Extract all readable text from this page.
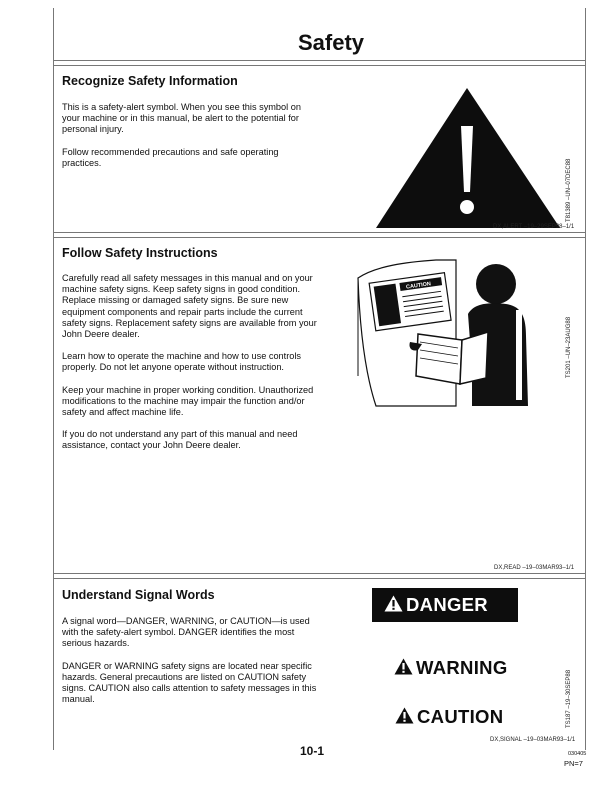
Safety
Recognize Safety Information

This is a safety-alert symbol. When you see this symbol on your machine or in this manual, be alert to the potential for personal injury.

Follow recommended precautions and safe operating practices.	T81389 –UN–07DEC88
DX,ALERT –19–29SEP98–1/1
Follow Safety Instructions

Carefully read all safety messages in this manual and on your machine safety signs. Keep safety signs in good condition. Replace missing or damaged safety signs. Be sure new equipment components and repair parts include the current safety signs. Replacement safety signs are available from your John Deere dealer.

Learn how to operate the machine and how to use controls properly. Do not let anyone operate without instruction.

Keep your machine in proper working condition. Unauthorized modifications to the machine may impair the function and/or safety and affect machine life.

If you do not understand any part of this manual and need assistance, contact your John Deere dealer.

CAUTION
TS201 –UN–23AUG88
DX,READ –19–03MAR93–1/1
Understand Signal Words

A signal word—DANGER, WARNING, or CAUTION—is used with the safety-alert symbol. DANGER identifies the most serious hazards.

DANGER or WARNING safety signs are located near specific hazards. General precautions are listed on CAUTION safety signs. CAUTION also calls attention to safety messages in this manual.

DANGER
WARNING
CAUTION	TS187 –19–30SEP88
DX,SIGNAL –19–03MAR93–1/1
10-1	030405
PN=7
